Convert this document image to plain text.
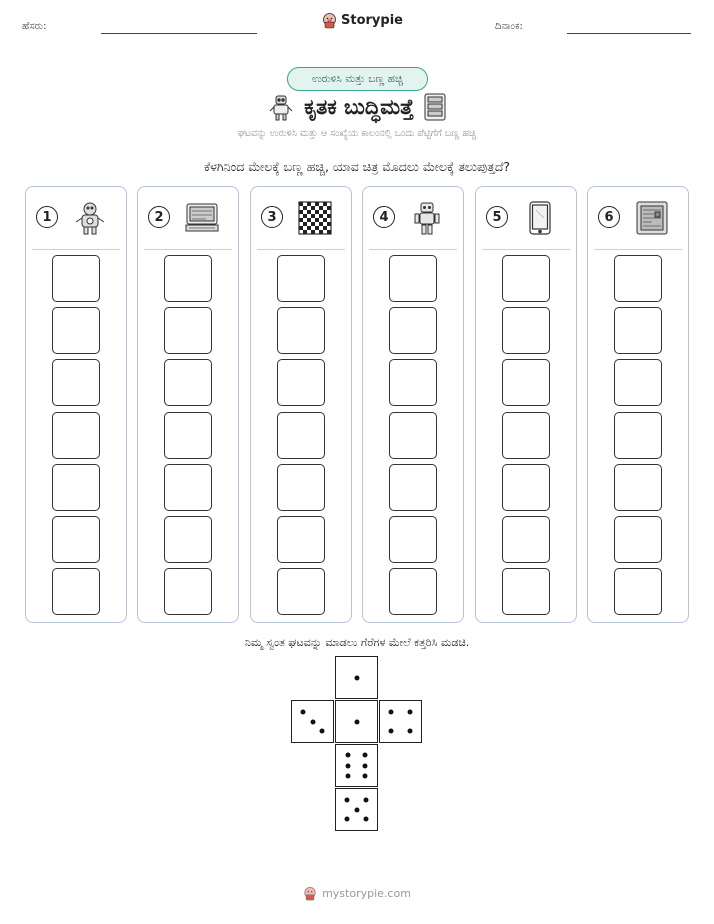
ಹೆಸರು:	Storypie	ದಿನಾಂಕ:
ಉರುಳಿಸಿ ಮತ್ತು ಬಣ್ಣ ಹಚ್ಚಿ
ಕೃತಕ ಬುದ್ಧಿಮತ್ತೆ
ಘಟವನ್ನು ಉರುಳಿಸಿ ಮತ್ತು ಆ ಸಂಖ್ಯೆಯ ಕಾಲಂನಲ್ಲಿ ಒಂದು ಪೆಟ್ಟಿಗೆಗೆ ಬಣ್ಣ ಹಚ್ಚಿ
ಕೆಳಗಿನಿಂದ ಮೇಲಕ್ಕೆ ಬಣ್ಣ ಹಚ್ಚಿ, ಯಾವ ಚಿತ್ರ ಮೊದಲು ಮೇಲಕ್ಕೆ ತಲುಪುತ್ತದೆ?
1	2	3	4	5	6
ನಿಮ್ಮ ಸ್ವಂತ ಘಟವನ್ನು ಮಾಡಲು ಗೆರೆಗಳ ಮೇಲೆ ಕತ್ತರಿಸಿ ಮಡಚಿ.
mystorypie.com
